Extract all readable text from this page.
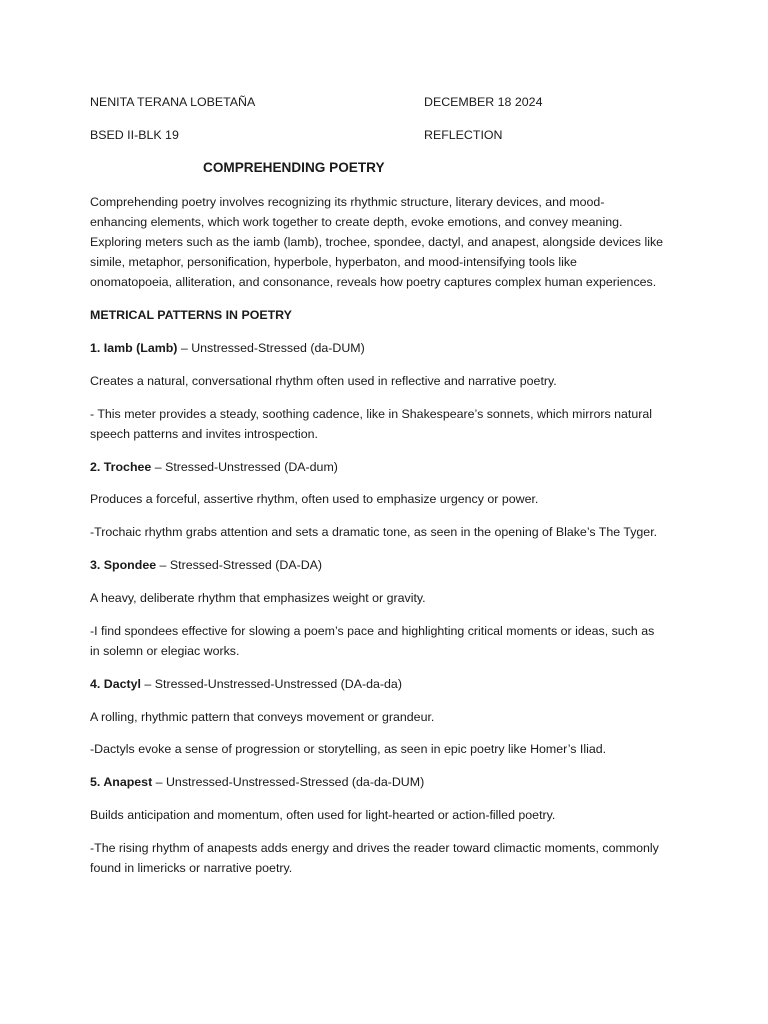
NENITA TERANA LOBETAÑA	DECEMBER 18 2024
BSED II-BLK 19	REFLECTION
COMPREHENDING POETRY
Comprehending poetry involves recognizing its rhythmic structure, literary devices, and mood-
enhancing elements, which work together to create depth, evoke emotions, and convey meaning.
Exploring meters such as the iamb (lamb), trochee, spondee, dactyl, and anapest, alongside devices like
simile, metaphor, personification, hyperbole, hyperbaton, and mood-intensifying tools like
onomatopoeia, alliteration, and consonance, reveals how poetry captures complex human experiences.
METRICAL PATTERNS IN POETRY
1. Iamb (Lamb) – Unstressed-Stressed (da-DUM)
Creates a natural, conversational rhythm often used in reflective and narrative poetry.
- This meter provides a steady, soothing cadence, like in Shakespeare’s sonnets, which mirrors natural
speech patterns and invites introspection.
2. Trochee – Stressed-Unstressed (DA-dum)
Produces a forceful, assertive rhythm, often used to emphasize urgency or power.
-Trochaic rhythm grabs attention and sets a dramatic tone, as seen in the opening of Blake’s The Tyger.
3. Spondee – Stressed-Stressed (DA-DA)
A heavy, deliberate rhythm that emphasizes weight or gravity.
-I find spondees effective for slowing a poem’s pace and highlighting critical moments or ideas, such as
in solemn or elegiac works.
4. Dactyl – Stressed-Unstressed-Unstressed (DA-da-da)
A rolling, rhythmic pattern that conveys movement or grandeur.
-Dactyls evoke a sense of progression or storytelling, as seen in epic poetry like Homer’s Iliad.
5. Anapest – Unstressed-Unstressed-Stressed (da-da-DUM)
Builds anticipation and momentum, often used for light-hearted or action-filled poetry.
-The rising rhythm of anapests adds energy and drives the reader toward climactic moments, commonly
found in limericks or narrative poetry.
